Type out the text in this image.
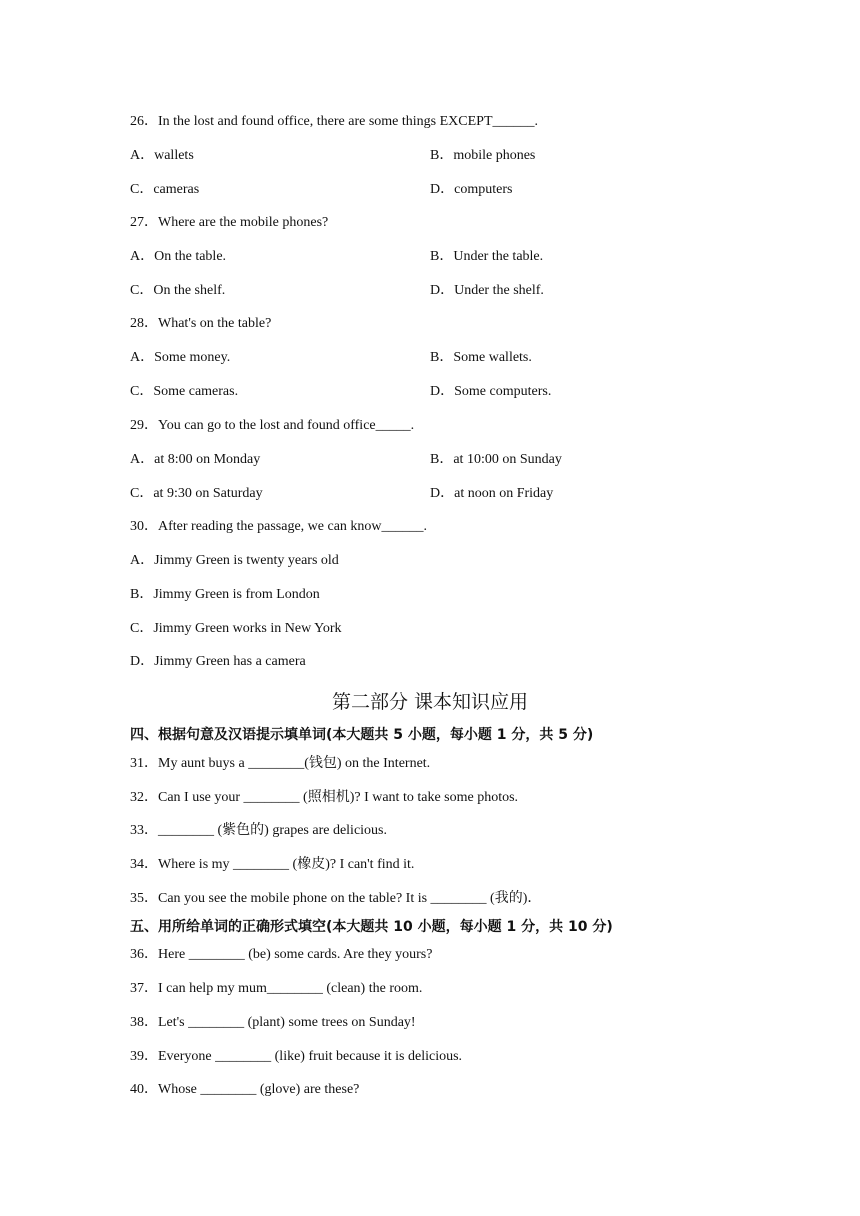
26．In the lost and found office, there are some things EXCEPT______.
A．wallets	B．mobile phones
C．cameras	D．computers
27．Where are the mobile phones?
A．On the table.	B．Under the table.
C．On the shelf.	D．Under the shelf.
28．What's on the table?
A．Some money.	B．Some wallets.
C．Some cameras.	D．Some computers.
29．You can go to the lost and found office_____.
A．at 8:00 on Monday	B．at 10:00 on Sunday
C．at 9:30 on Saturday	D．at noon on Friday
30．After reading the passage, we can know______.
A．Jimmy Green is twenty years old
B．Jimmy Green is from London
C．Jimmy Green works in New York
D．Jimmy Green has a camera
第二部分 课本知识应用
四、根据句意及汉语提示填单词(本大题共 5 小题，每小题 1 分，共 5 分)
31．My aunt buys a ________(钱包) on the Internet.
32．Can I use your ________ (照相机)? I want to take some photos.
33．________ (紫色的) grapes are delicious.
34．Where is my ________ (橡皮)? I can't find it.
35．Can you see the mobile phone on the table? It is ________ (我的)．
五、用所给单词的正确形式填空(本大题共 10 小题，每小题 1 分，共 10 分)
36．Here ________ (be) some cards. Are they yours?
37．I can help my mum________ (clean) the room.
38．Let's ________ (plant) some trees on Sunday!
39．Everyone ________ (like) fruit because it is delicious.
40．Whose ________ (glove) are these?
